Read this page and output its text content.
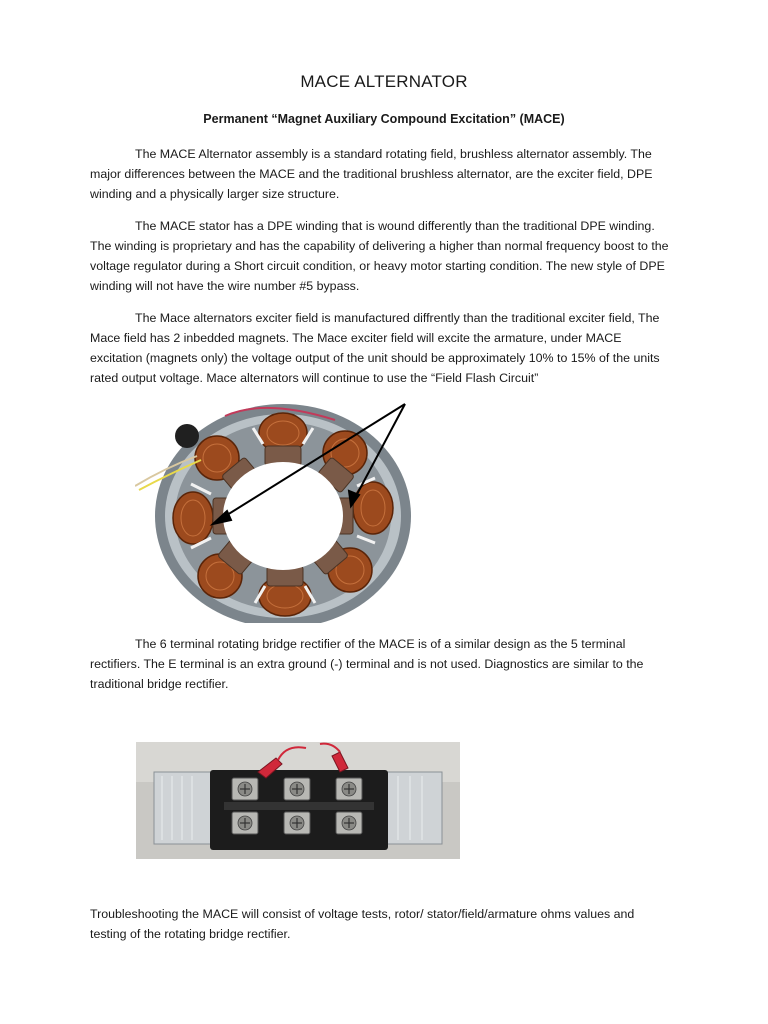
MACE ALTERNATOR
Permanent “Magnet Auxiliary Compound Excitation” (MACE)

The MACE Alternator assembly is a standard rotating field, brushless alternator assembly. The major differences between the MACE and the traditional brushless alternator, are the exciter field, DPE winding and a physically larger size structure.

The MACE stator has a DPE winding that is wound differently than the traditional DPE winding. The winding is proprietary and has the capability of delivering a higher than normal frequency boost to the voltage regulator during a Short circuit condition, or heavy motor starting condition. The new style of DPE winding will not have the wire number #5 bypass.

The Mace alternators exciter field is manufactured diffrently than the traditional exciter field, The Mace field has 2 inbedded magnets. The Mace exciter field will excite the armature, under MACE excitation (magnets only) the voltage output of the unit should be approximately 10% to 15% of the units rated output voltage. Mace alternators will continue to use the “Field Flash Circuit”

The 6 terminal rotating bridge rectifier of the MACE is of a similar design as the 5 terminal rectifiers. The E terminal is an extra ground (-) terminal and is not used. Diagnostics are similar to the traditional bridge rectifier.

Troubleshooting the MACE will consist of voltage tests, rotor/ stator/field/armature ohms values and testing of the rotating bridge rectifier.
